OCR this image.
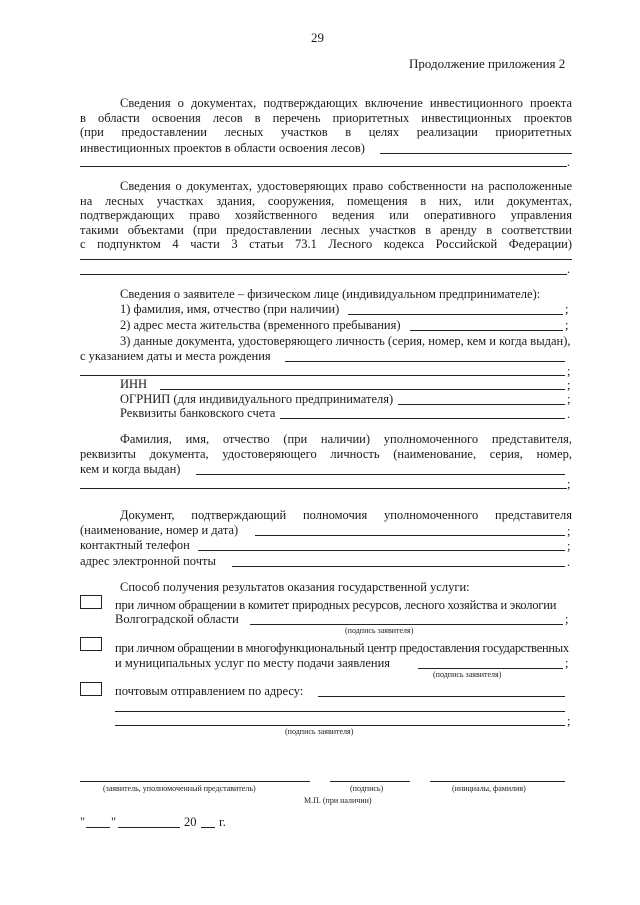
29
Продолжение приложения 2
Сведения о документах, подтверждающих включение инвестиционного проекта
в области освоения лесов в перечень приоритетных инвестиционных проектов
(при предоставлении лесных участков в целях реализации приоритетных
инвестиционных проектов в области освоения лесов)
.
Сведения о документах, удостоверяющих право собственности на расположенные
на лесных участках здания, сооружения, помещения в них, или документах,
подтверждающих право хозяйственного ведения или оперативного управления
такими объектами (при предоставлении лесных участков в аренду в соответствии
с подпунктом 4 части 3 статьи 73.1 Лесного кодекса Российской Федерации)
.
Сведения о заявителе – физическом лице (индивидуальном предпринимателе):
1) фамилия, имя, отчество (при наличии)	;
2) адрес места жительства (временного пребывания)	;
3) данные документа, удостоверяющего личность (серия, номер, кем и когда выдан),
с указанием даты и места рождения
;
ИНН	;
ОГРНИП (для индивидуального предпринимателя)	;
Реквизиты банковского счета	.
Фамилия, имя, отчество (при наличии) уполномоченного представителя,
реквизиты документа, удостоверяющего личность (наименование, серия, номер,
кем и когда выдан)
;
Документ, подтверждающий полномочия уполномоченного представителя
(наименование, номер и дата)	;
контактный телефон	;
адрес электронной почты	.
Способ получения результатов оказания государственной услуги:
при личном обращении в комитет природных ресурсов, лесного хозяйства и экологии
Волгоградской области	;
(подпись заявителя)
при личном обращении в многофункциональный центр предоставления государственных
и муниципальных услуг по месту подачи заявления	;
(подпись заявителя)
почтовым отправлением по адресу:
;
(подпись заявителя)
(заявитель, уполномоченный представитель)	(подпись)	(инициалы, фамилия)
М.П. (при наличии)
" "	20 г.
